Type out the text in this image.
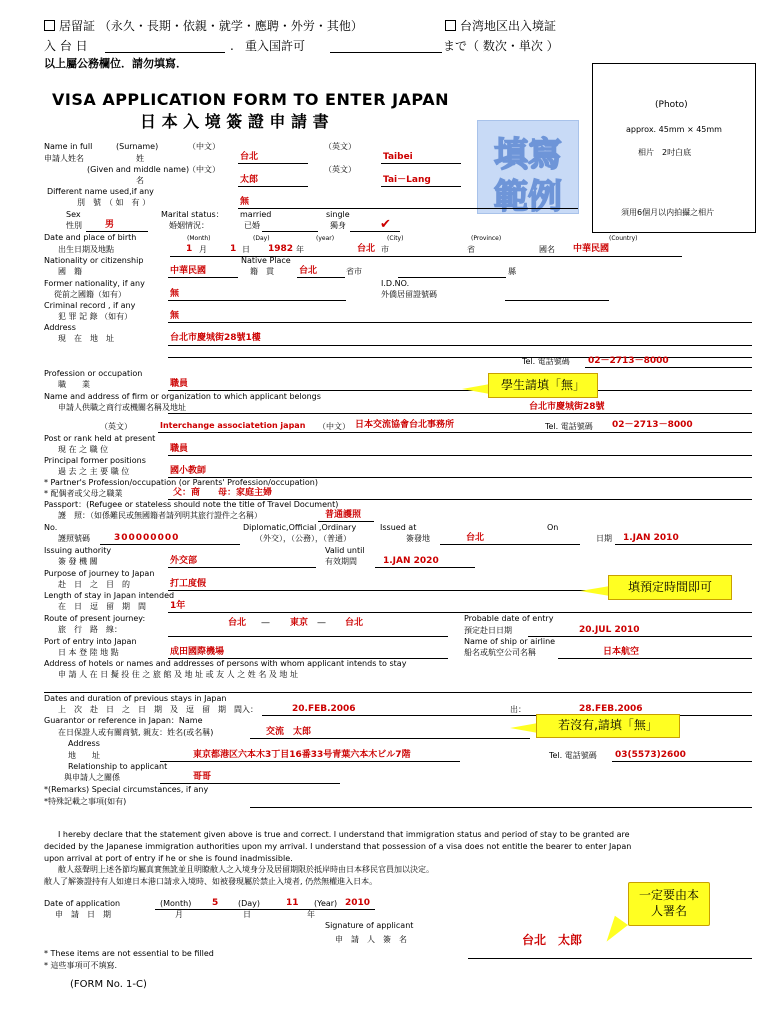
居留証 （永久・長期・依親・就学・應聘・外労・其他）	台湾地区出入境証
入 台 日	. 重入国許可	まで（ 数次・単次 ）
以上屬公務欄位．請勿填寫．
VISA APPLICATION FORM TO ENTER JAPAN
日 本 入 境 簽 證 申 請 書
填寫
範例
(Photo)
approx. 45mm × 45mm
相片　2吋白底
須用6個月以内拍攝之相片
Name in full	(Surname)	（中文）	（英文）
申請人姓名	姓	台北	Taibei
(Given and middle name)
（中文）	（英文）
名	太郎	Tai－Lang
Different name used,if any
別　號　（ 如　有 ）	無
Sex	Marital status： married	single
性別	男	婚姻情況：	已婚	獨身	✔
Date and place of birth	(Month)	(Day)	(year)	(City)	(Province)	(Country)
出生日期及地點	1 月	1 日 1982 年	台北 市	省	國名 中華民國
Nationality or citizenship	Native Place
國　籍	中華民國	籍　貫	台北	省市	縣
Former nationality, if any	I.D.NO.
從前之國籍（如有）	無	外僑居留證號碼
Criminal record , if any
犯 罪 記 錄 （如有）	無
Address
現　在　地　址	台北市慶城街28號1樓
Tel. 電話號碼 02－2713－8000
Profession or occupation
職　　業	職員
Name and address of firm or organization to which applicant belongs
申請人供職之商行或機關名稱及地址	台北市慶城街28號
（英文）	Interchange associatetion japan （中文） 日本交流協會台北事務所	Tel. 電話號碼 02－2713－8000
Post or rank held at present
現 在 之 職 位	職員
Principal former positions
過 去 之 主 要 職 位	國小教師
* Partner's Profession/occupation (or Parents' Profession/occupation)
* 配偶者或父母之職業	父：商　　母：家庭主婦
Passport：(Refugee or stateless should note the title of Travel Document)
護　照：（如係難民或無國籍者請列明其旅行證件之名稱）	普通護照
No.	Diplomatic,Official ,Ordinary	Issued at	On
護照號碼	300000000	（外交），（公務），（普通）	簽發地	台北	日期 1.JAN 2010
Issuing authority	Valid until
簽 發 機 關	外交部	有效期間	1.JAN 2020
Purpose of journey to Japan
赴　日　之　目　的	打工度假
Length of stay in Japan intended
在　日　逗　留　期　間	1年
Route of present journey:
旅　行　路　線：
台北 — 東京 — 台北	Probable date of entry
預定赴日日期	20.JUL 2010
Port of entry into Japan	Name of ship or airline
日 本 登 陸 地 點	成田國際機場	船名或航空公司名稱	日本航空
Address of hotels or names and addresses of persons with whom applicant intends to stay
申 請 人 在 日 擬 投 住 之 旅 館 及 地 址 或 友 人 之 姓 名 及 地 址
Dates and duration of previous stays in Japan
上　次　赴　日　之　日　期　及　逗　留　期　間入：	20.FEB.2006	出：	28.FEB.2006
Guarantor or reference in Japan：Name
在日保證人或有關商號, 親友：姓名(或名稱)	交流　太郎
Address
地　　址	東京都港区六本木3丁目16番33号青葉六本木ビル7階	Tel. 電話號碼 03(5573)2600
Relationship to applicant
與申請人之關係	哥哥
*(Remarks) Special circumstances, if any
*特殊記載之事項(如有)
I hereby declare that the statement given above is true and correct. I understand that immigration status and period of stay to be granted are
decided by the Japanese immigration authorities upon my arrival. I understand that possession of a visa does not entitle the bearer to enter Japan
upon arrival at port of entry if he or she is found inadmissible.
敝人茲聲明上述各節均屬真實無訛並且明瞭敝人之入境身分及居留期限於抵岸時由日本移民官員加以決定。
敝人了解簽證持有人如違日本港口請求入境時、如被發現屬於禁止入境者, 仍然無權進入日本。
Date of application	(Month) 5 (Day)	11 (Year) 2010
申　請　日　期	月	日	年
Signature of applicant
申　請　人　簽　名	台北　太郎
* These items are not essential to be filled
* 這些事項可不填寫.
(FORM No. 1-C)
學生請填「無」
填預定時間即可
若沒有,請填「無」
一定要由本人署名
